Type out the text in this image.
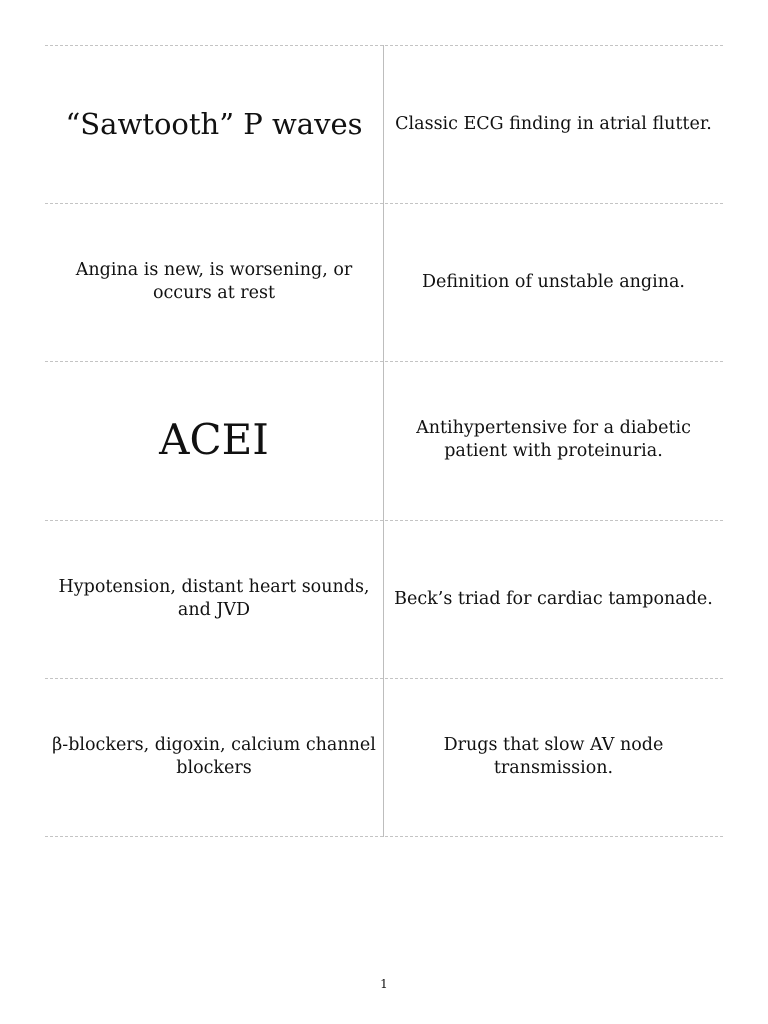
“Sawtooth” P waves Classic ECG finding in atrial flutter.
Angina is new, is worsening, or occurs at rest
Definition of unstable angina.
ACEI	Antihypertensive for a diabetic patient with proteinuria.
Hypotension, distant heart sounds, and JVD
Beck’s triad for cardiac tamponade.
β-blockers, digoxin, calcium channel blockers
Drugs that slow AV node transmission.
1
